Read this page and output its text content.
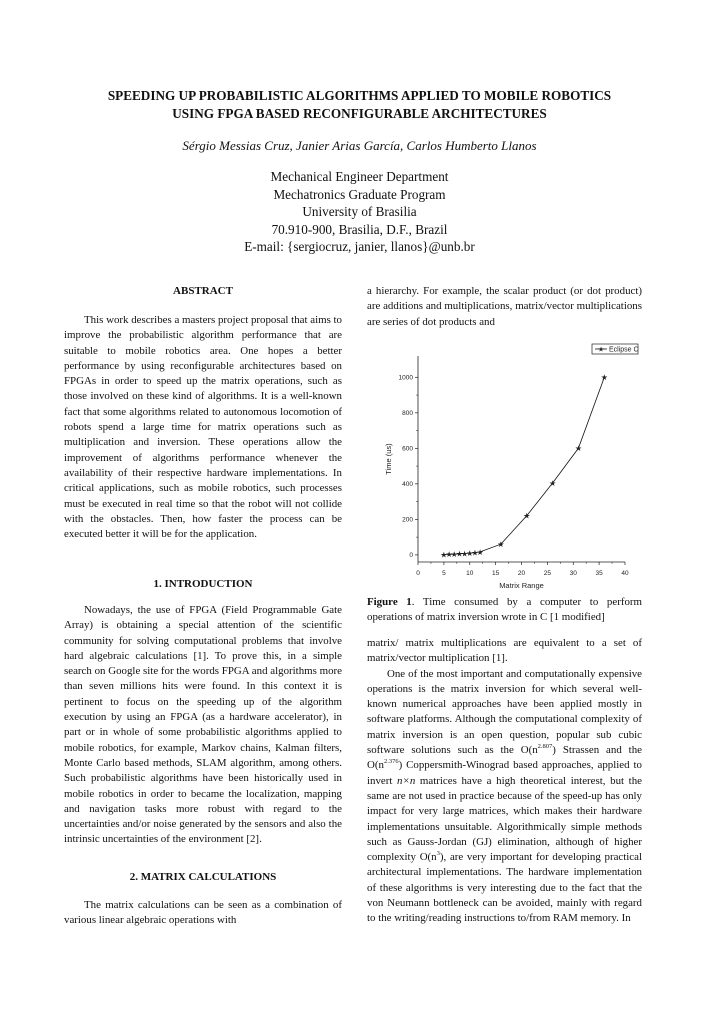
SPEEDING UP PROBABILISTIC ALGORITHMS APPLIED TO MOBILE ROBOTICS
USING FPGA BASED RECONFIGURABLE ARCHITECTURES
Sérgio Messias Cruz, Janier Arias García, Carlos Humberto Llanos
Mechanical Engineer Department
Mechatronics Graduate Program
University of Brasilia
70.910-900, Brasilia, D.F., Brazil
E-mail: {sergiocruz, janier, llanos}@unb.br
ABSTRACT

This work describes a masters project proposal that aims to improve the probabilistic algorithm performance that are suitable to mobile robotics area. One hopes a better performance by using reconfigurable architectures based on FPGAs in order to speed up the matrix operations, such as those involved on these kind of algorithms. It is a well-known fact that some algorithms related to autonomous locomotion of robots spend a large time for matrix operations such as multiplication and inversion. These operations allow the improvement of algorithms performance whenever the availability of their respective hardware implementations. In critical applications, such as mobile robotics, such processes must be executed in real time so that the robot will not collide with the obstacles. Then, how faster the process can be executed better it will be for the application.

1. INTRODUCTION

Nowadays, the use of FPGA (Field Programmable Gate Array) is obtaining a special attention of the scientific community for solving computational problems that involve hard algebraic calculations [1]. To prove this, in a simple search on Google site for the words FPGA and algorithms more than seven millions hits were found. In this context it is pertinent to focus on the speeding up of the algorithm execution by using an FPGA (as a hardware accelerator), in part or in whole of some probabilistic algorithms applied to mobile robotics, for example, Markov chains, Kalman filters, Monte Carlo based methods, SLAM algorithm, among others. Such probabilistic algorithms have been historically used in mobile robotics in order to became the localization, mapping and navigation tasks more robust with regard to the uncertainties and/or noise generated by the sensors and also the intrinsic uncertainties of the environment [2].

2. MATRIX CALCULATIONS

The matrix calculations can be seen as a combination of various linear algebraic operations with

a hierarchy. For example, the scalar product (or dot product) are additions and multiplications, matrix/vector multiplications are series of dot products and

Matrix Range
Time (us)
0	5	10	15	20	25	30	35	40
0
200
400
600
800
1000
★
★
★
★
★
★
★
★
★
★
★
★
★
★ Eclipse C

Figure 1. Time consumed by a computer to perform operations of matrix inversion wrote in C [1 modified]

matrix/ matrix multiplications are equivalent to a set of matrix/vector multiplication [1].

One of the most important and computationally expensive operations is the matrix inversion for which several well-known numerical approaches have been applied mostly in software platforms. Although the computational complexity of matrix inversion is an open question, popular sub cubic software solutions such as the $O(n^{2.807})$ Strassen and the $O(n^{2.376})$ Coppersmith-Winograd based approaches, applied to invert n×n matrices have a high theoretical interest, but the same are not used in practice because of the speed-up has only impact for very large matrices, which makes their hardware implementations unsuitable. Algorithmically simple methods such as Gauss-Jordan (GJ) elimination, although of higher complexity $O(n^3)$, are very important for developing practical architectural implementations. The hardware implementation of these algorithms is very interesting due to the fact that the von Neumann bottleneck can be avoided, mainly with regard to the writing/reading instructions to/from RAM memory. In
